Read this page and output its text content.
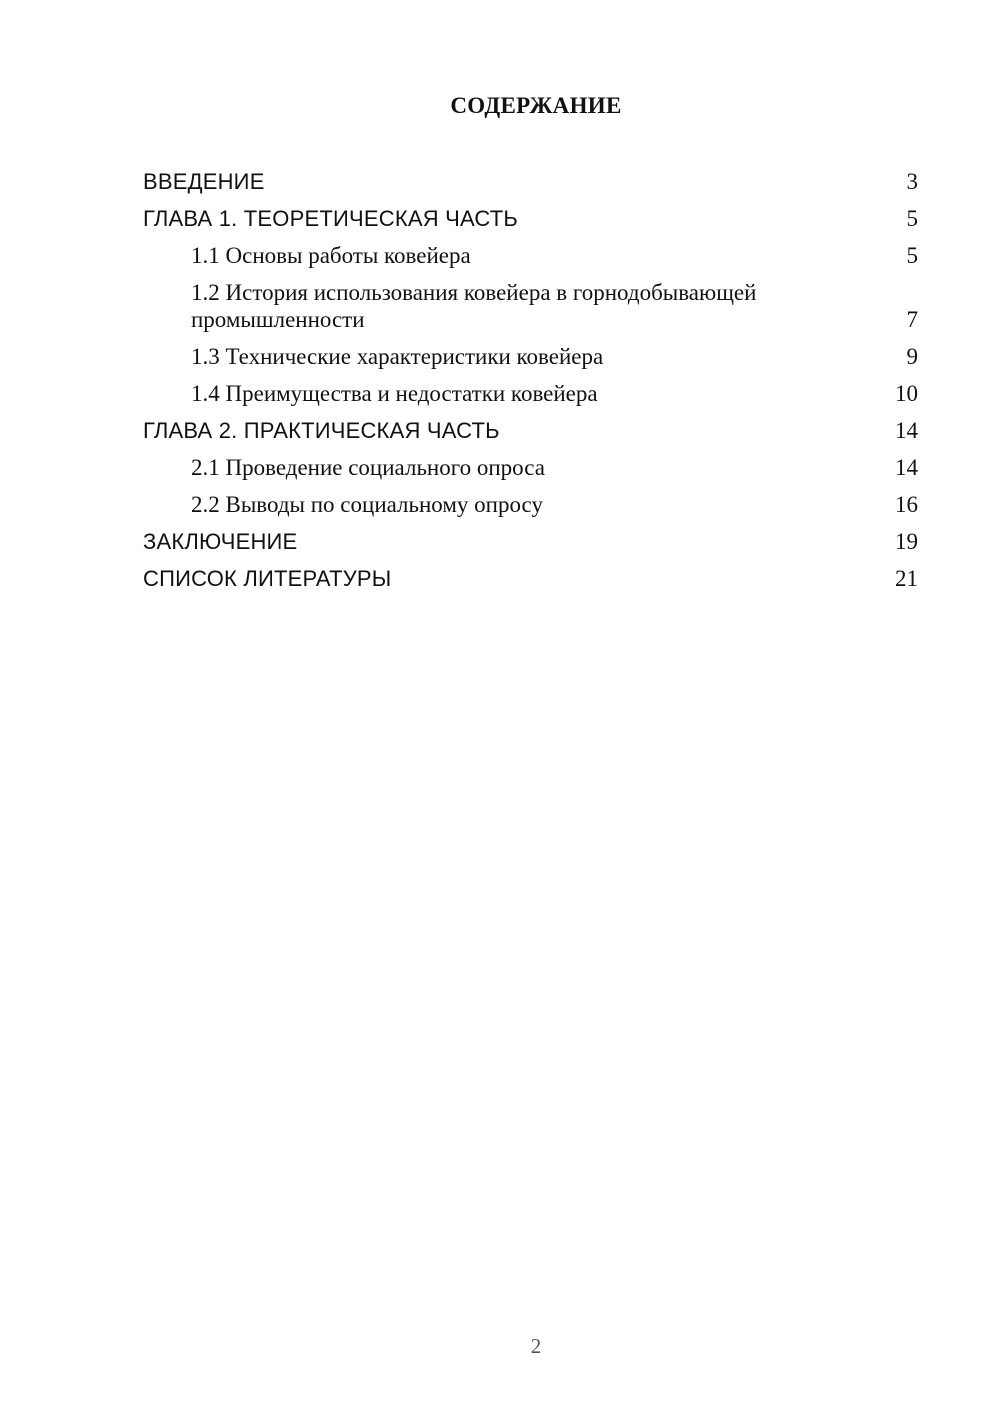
СОДЕРЖАНИЕ
ВВЕДЕНИЕ	3
ГЛАВА 1. ТЕОРЕТИЧЕСКАЯ ЧАСТЬ	5
1.1 Основы работы ковейера	5
1.2 История использования ковейера в горнодобывающей промышленности	7
1.3 Технические характеристики ковейера	9
1.4 Преимущества и недостатки ковейера	10
ГЛАВА 2. ПРАКТИЧЕСКАЯ ЧАСТЬ	14
2.1 Проведение социального опроса	14
2.2 Выводы по социальному опросу	16
ЗАКЛЮЧЕНИЕ	19
СПИСОК ЛИТЕРАТУРЫ	21
2
